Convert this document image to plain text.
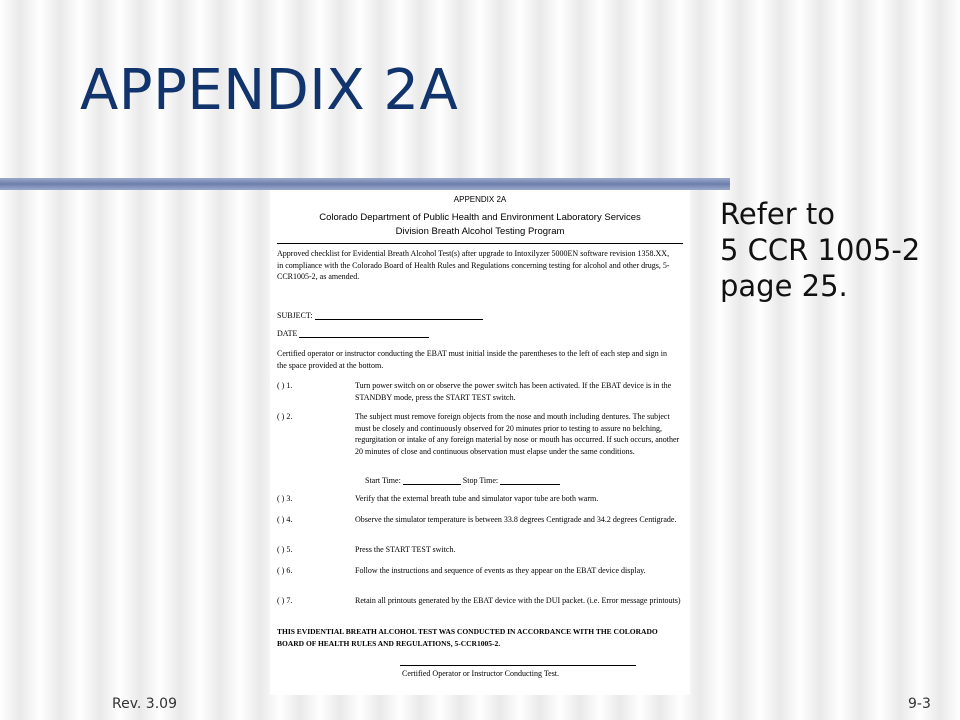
APPENDIX 2A
APPENDIX 2A
Colorado Department of Public Health and Environment Laboratory Services
Division Breath Alcohol Testing Program
Approved checklist for Evidential Breath Alcohol Test(s) after upgrade to Intoxilyzer 5000EN software revision 1358.XX, in compliance with the Colorado Board of Health Rules and Regulations concerning testing for alcohol and other drugs, 5-CCR1005-2, as amended.
SUBJECT:
DATE
Certified operator or instructor conducting the EBAT must initial inside the parentheses to the left of each step and sign in the space provided at the bottom.
( ) 1.	Turn power switch on or observe the power switch has been activated. If the EBAT device is in the STANDBY mode, press the START TEST switch.
( ) 2.	The subject must remove foreign objects from the nose and mouth including dentures. The subject must be closely and continuously observed for 20 minutes prior to testing to assure no belching, regurgitation or intake of any foreign material by nose or mouth has occurred. If such occurs, another 20 minutes of close and continuous observation must elapse under the same conditions.
Start Time:	Stop Time:
( ) 3.	Verify that the external breath tube and simulator vapor tube are both warm.
( ) 4.	Observe the simulator temperature is between 33.8 degrees Centigrade and 34.2 degrees Centigrade.
( ) 5.	Press the START TEST switch.
( ) 6.	Follow the instructions and sequence of events as they appear on the EBAT device display.
( ) 7.	Retain all printouts generated by the EBAT device with the DUI packet. (i.e. Error message printouts)
THIS EVIDENTIAL BREATH ALCOHOL TEST WAS CONDUCTED IN ACCORDANCE WITH THE COLORADO BOARD OF HEALTH RULES AND REGULATIONS, 5-CCR1005-2.
Certified Operator or Instructor Conducting Test.
Refer to
5 CCR 1005-2
page 25.
Rev. 3.09	9-3
